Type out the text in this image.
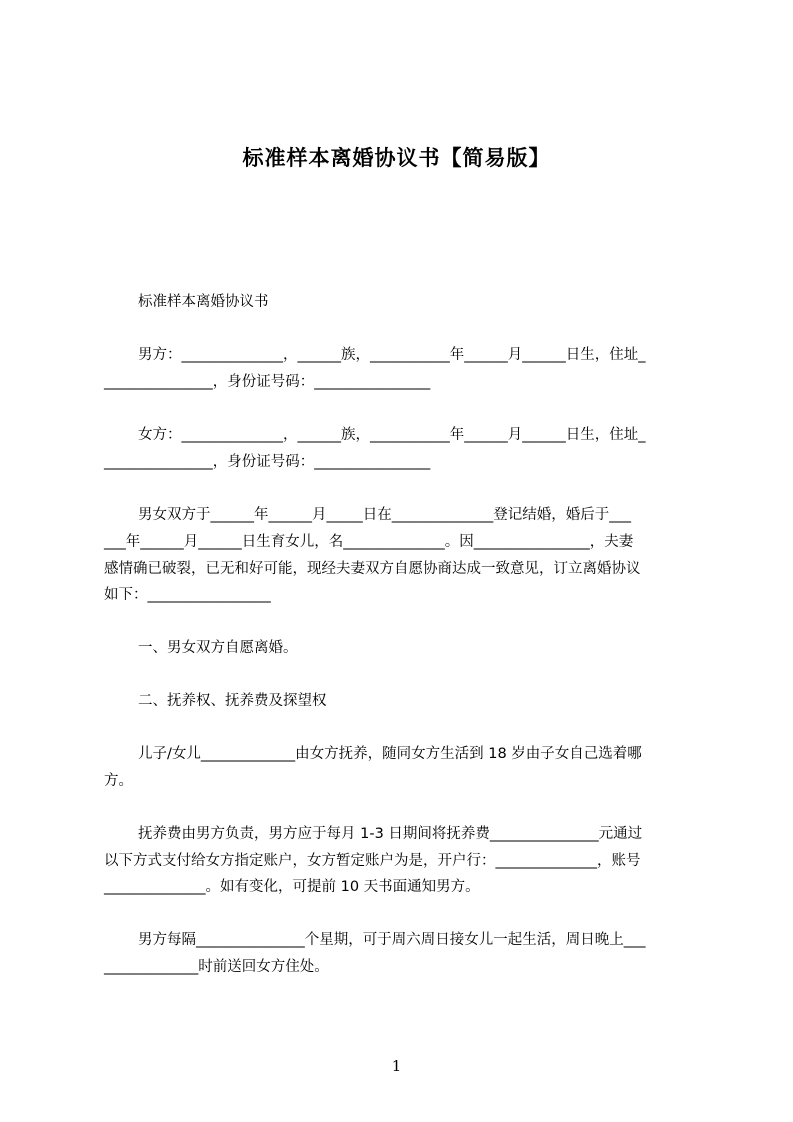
标准样本离婚协议书【简易版】
标准样本离婚协议书
男方：______________，______族，___________年______月______日生，住址_
_______________，身份证号码：________________
女方：______________，______族，___________年______月______日生，住址_
_______________，身份证号码：________________
男女双方于______年______月_____日在______________登记结婚，婚后于___
___年______月______日生育女儿，名______________。因________________，夫妻
感情确已破裂，已无和好可能，现经夫妻双方自愿协商达成一致意见，订立离婚协议
如下：_________________
一、男女双方自愿离婚。
二、抚养权、抚养费及探望权
儿子/女儿_____________由女方抚养，随同女方生活到 18 岁由子女自己选着哪
方。
抚养费由男方负责，男方应于每月 1-3 日期间将抚养费_______________元通过
以下方式支付给女方指定账户，女方暂定账户为是，开户行：______________，账号
______________。如有变化，可提前 10 天书面通知男方。
男方每隔_______________个星期，可于周六周日接女儿一起生活，周日晚上___
_____________时前送回女方住处。
1
